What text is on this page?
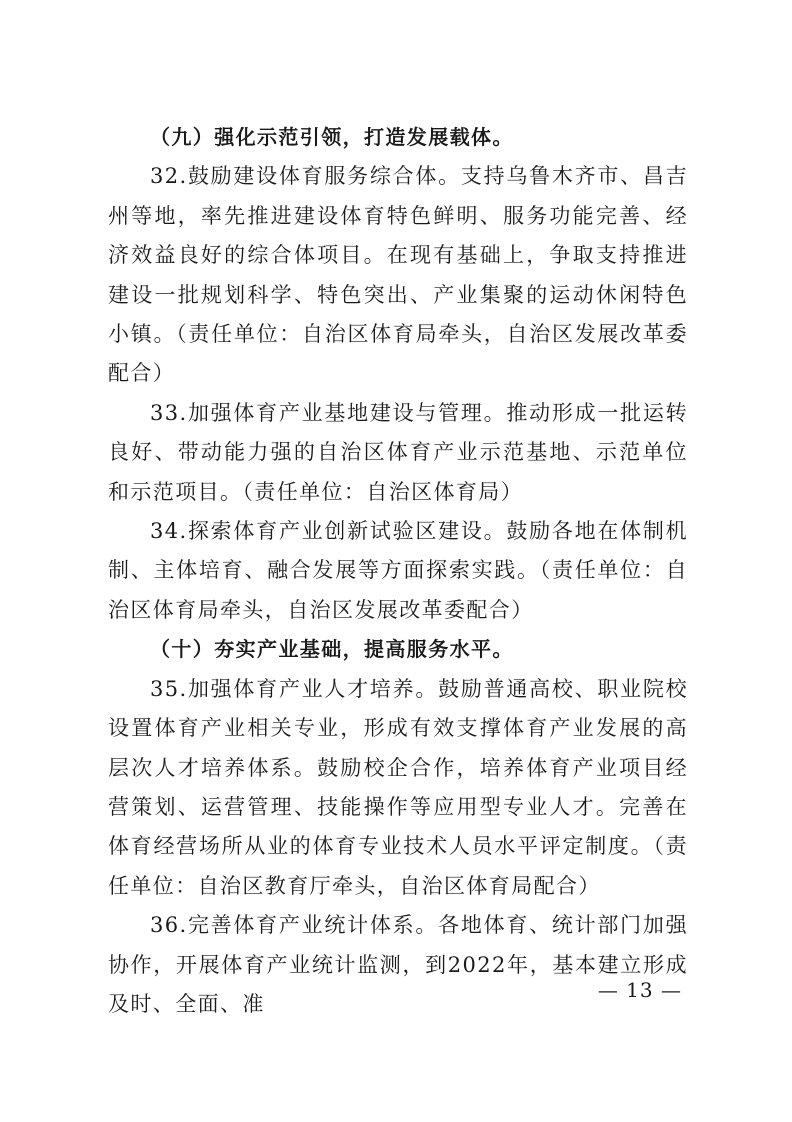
（九）强化示范引领，打造发展载体。

32.鼓励建设体育服务综合体。支持乌鲁木齐市、昌吉州等地，率先推进建设体育特色鲜明、服务功能完善、经济效益良好的综合体项目。在现有基础上，争取支持推进建设一批规划科学、特色突出、产业集聚的运动休闲特色小镇。（责任单位：自治区体育局牵头，自治区发展改革委配合）

33.加强体育产业基地建设与管理。推动形成一批运转良好、带动能力强的自治区体育产业示范基地、示范单位和示范项目。（责任单位：自治区体育局）

34.探索体育产业创新试验区建设。鼓励各地在体制机制、主体培育、融合发展等方面探索实践。（责任单位：自治区体育局牵头，自治区发展改革委配合）

（十）夯实产业基础，提高服务水平。

35.加强体育产业人才培养。鼓励普通高校、职业院校设置体育产业相关专业，形成有效支撑体育产业发展的高层次人才培养体系。鼓励校企合作，培养体育产业项目经营策划、运营管理、技能操作等应用型专业人才。完善在体育经营场所从业的体育专业技术人员水平评定制度。（责任单位：自治区教育厅牵头，自治区体育局配合）

36.完善体育产业统计体系。各地体育、统计部门加强协作，开展体育产业统计监测，到2022年，基本建立形成及时、全面、准

— 13 —
